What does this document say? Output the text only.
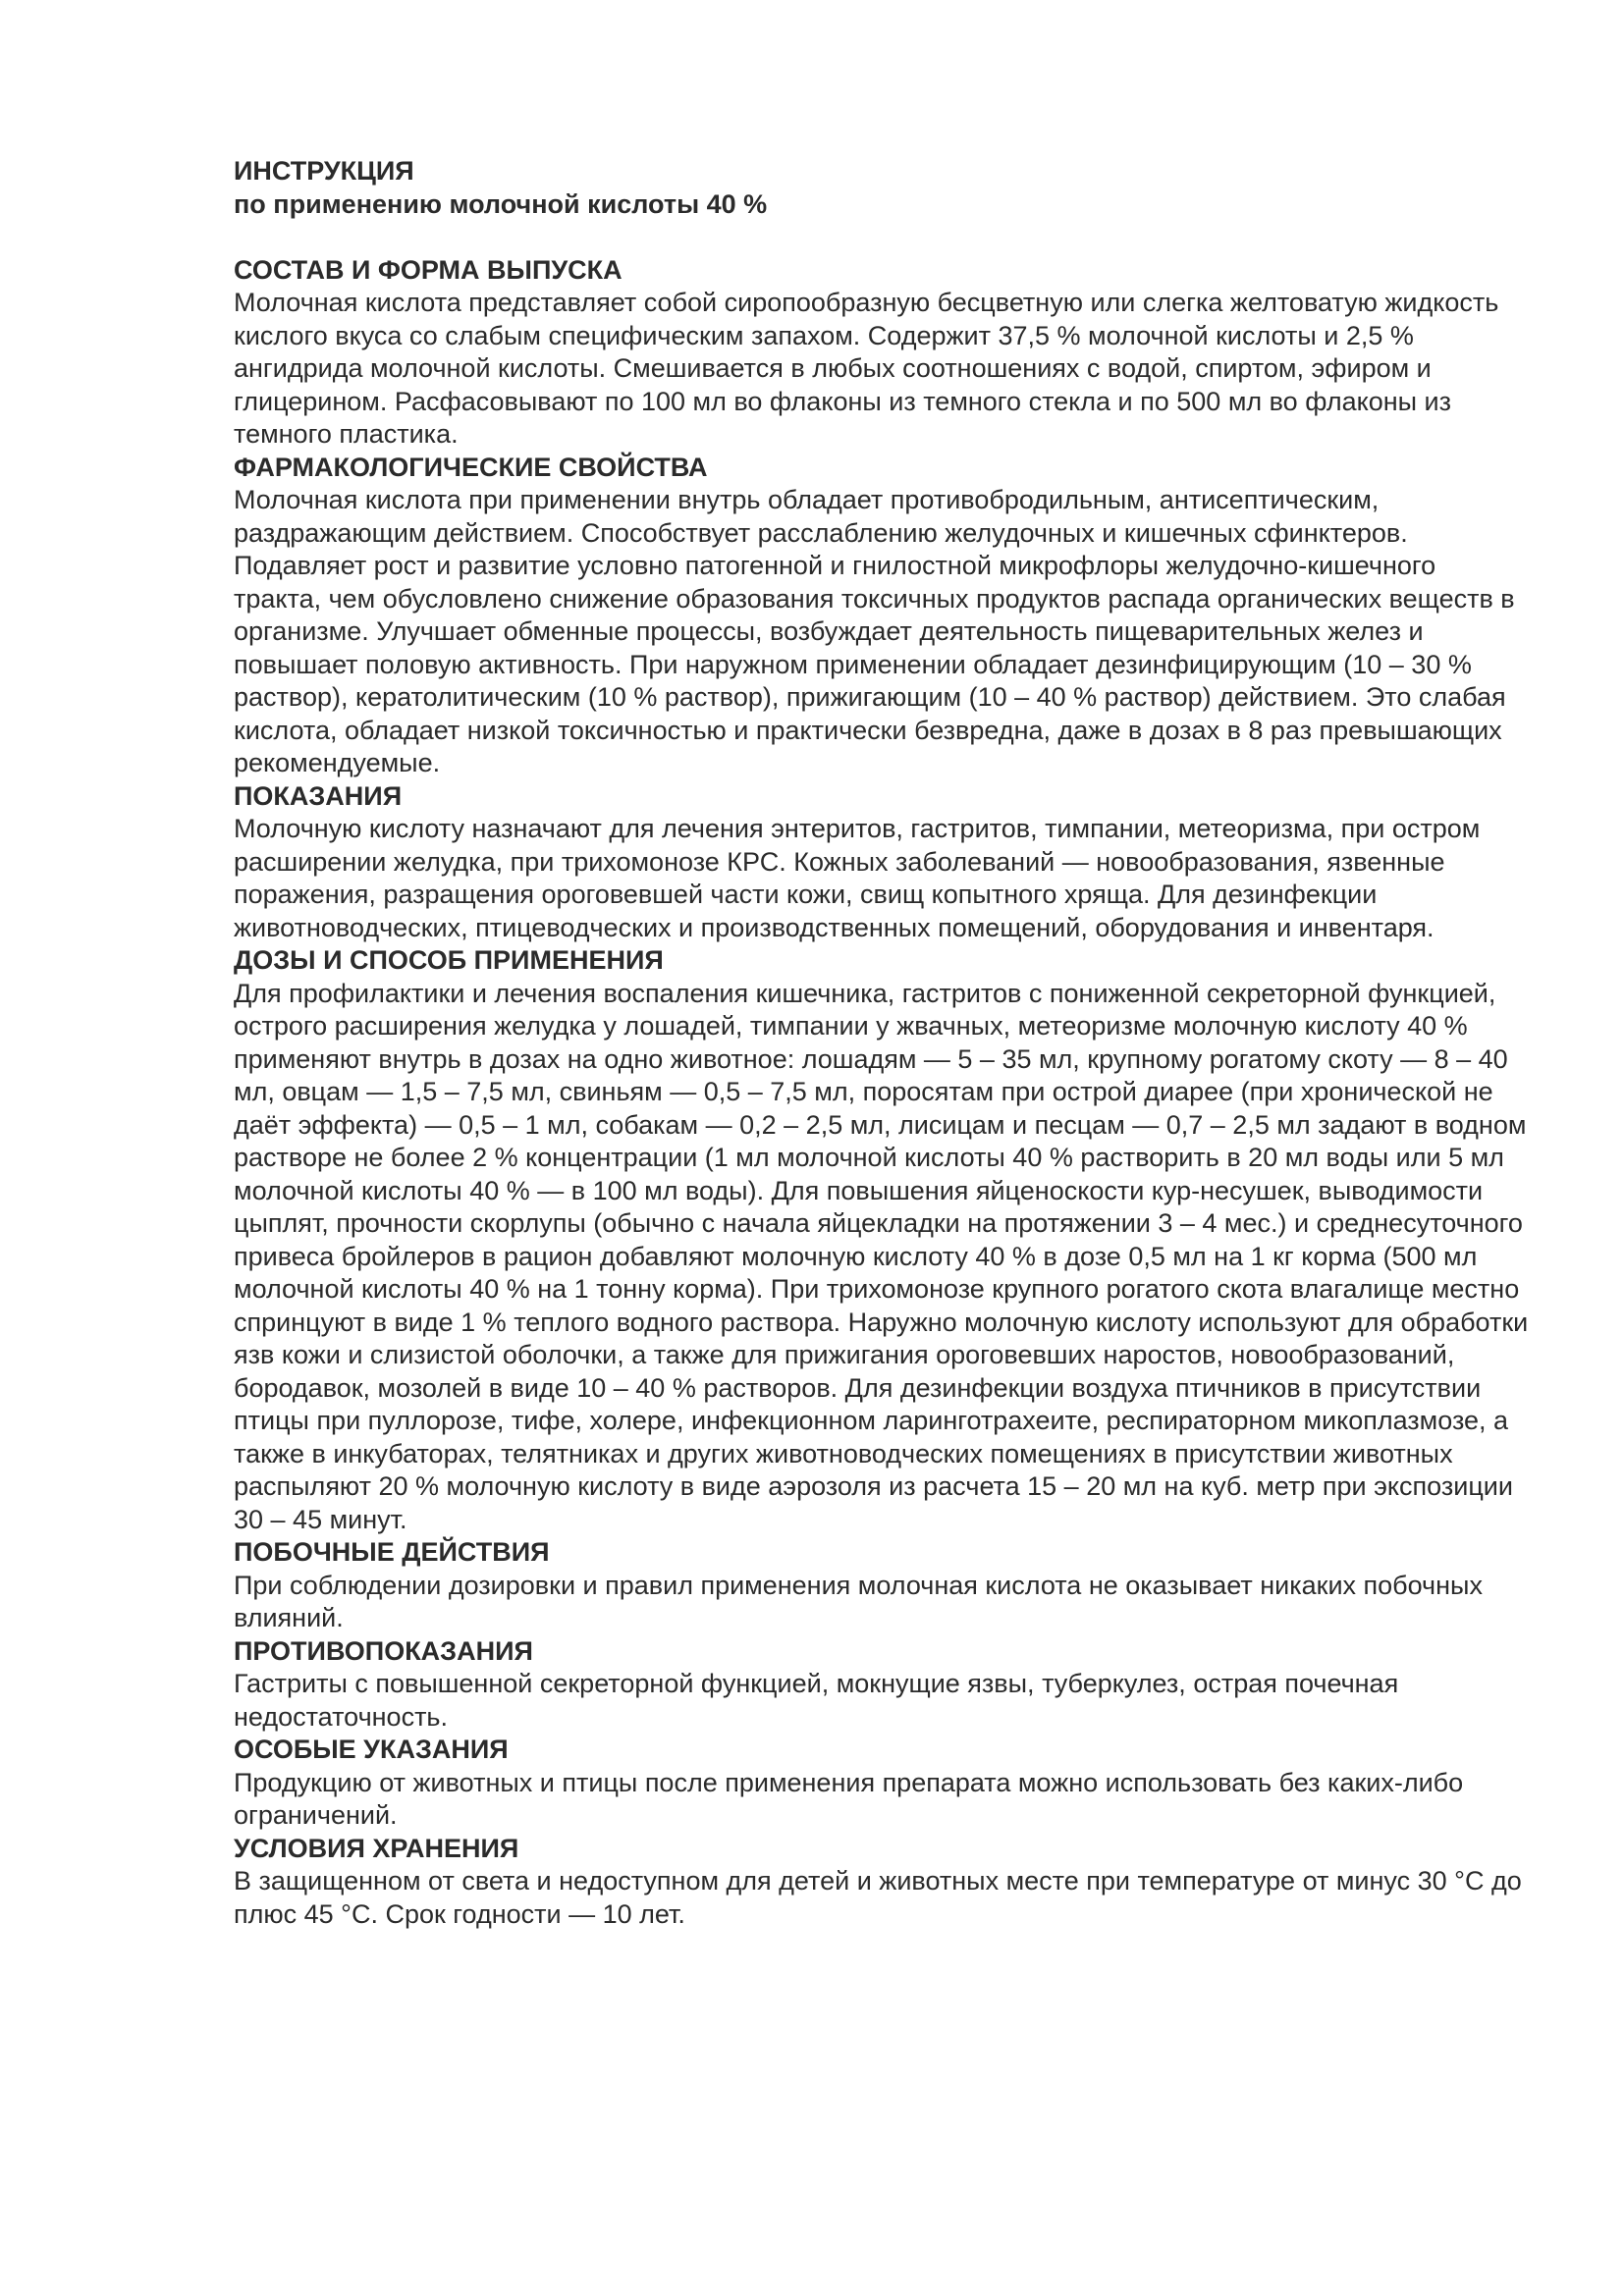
ИНСТРУКЦИЯ
по применению молочной кислоты 40 %
СОСТАВ И ФОРМА ВЫПУСКА

Молочная кислота представляет собой сиропообразную бесцветную или слегка желтоватую жидкость кислого вкуса со слабым специфическим запахом. Содержит 37,5 % молочной кислоты и 2,5 % ангидрида молочной кислоты. Смешивается в любых соотношениях с водой, спиртом, эфиром и глицерином. Расфасовывают по 100 мл во флаконы из темного стекла и по 500 мл во флаконы из темного пластика.

ФАРМАКОЛОГИЧЕСКИЕ СВОЙСТВА

Молочная кислота при применении внутрь обладает противобродильным, антисептическим, раздражающим действием. Способствует расслаблению желудочных и кишечных сфинктеров. Подавляет рост и развитие условно патогенной и гнилостной микрофлоры желудочно-кишечного тракта, чем обусловлено снижение образования токсичных продуктов распада органических веществ в организме. Улучшает обменные процессы, возбуждает деятельность пищеварительных желез и повышает половую активность. При наружном применении обладает дезинфицирующим (10 – 30 % раствор), кератолитическим (10 % раствор), прижигающим (10 – 40 % раствор) действием. Это слабая кислота, обладает низкой токсичностью и практически безвредна, даже в дозах в 8 раз превышающих рекомендуемые.

ПОКАЗАНИЯ

Молочную кислоту назначают для лечения энтеритов, гастритов, тимпании, метеоризма, при остром расширении желудка, при трихомонозе КРС. Кожных заболеваний — новообразования, язвенные поражения, разращения ороговевшей части кожи, свищ копытного хряща. Для дезинфекции животноводческих, птицеводческих и производственных помещений, оборудования и инвентаря.

ДОЗЫ И СПОСОБ ПРИМЕНЕНИЯ

Для профилактики и лечения воспаления кишечника, гастритов с пониженной секреторной функцией, острого расширения желудка у лошадей, тимпании у жвачных, метеоризме молочную кислоту 40 % применяют внутрь в дозах на одно животное: лошадям — 5 – 35 мл, крупному рогатому скоту — 8 – 40 мл, овцам — 1,5 – 7,5 мл, свиньям — 0,5 – 7,5 мл, поросятам при острой диарее (при хронической не даёт эффекта) — 0,5 – 1 мл, собакам — 0,2 – 2,5 мл, лисицам и песцам — 0,7 – 2,5 мл задают в водном растворе не более 2 % концентрации (1 мл молочной кислоты 40 % растворить в 20 мл воды или 5 мл молочной кислоты 40 % — в 100 мл воды). Для повышения яйценоскости кур-несушек, выводимости цыплят, прочности скорлупы (обычно с начала яйцекладки на протяжении 3 – 4 мес.) и среднесуточного привеса бройлеров в рацион добавляют молочную кислоту 40 % в дозе 0,5 мл на 1 кг корма (500 мл молочной кислоты 40 % на 1 тонну корма). При трихомонозе крупного рогатого скота влагалище местно спринцуют в виде 1 % теплого водного раствора. Наружно молочную кислоту используют для обработки язв кожи и слизистой оболочки, а также для прижигания ороговевших наростов, новообразований, бородавок, мозолей в виде 10 – 40 % растворов. Для дезинфекции воздуха птичников в присутствии птицы при пуллорозе, тифе, холере, инфекционном ларинготрахеите, респираторном микоплазмозе, а также в инкубаторах, телятниках и других животноводческих помещениях в присутствии животных распыляют 20 % молочную кислоту в виде аэрозоля из расчета 15 – 20 мл на куб. метр при экспозиции 30 – 45 минут.

ПОБОЧНЫЕ ДЕЙСТВИЯ

При соблюдении дозировки и правил применения молочная кислота не оказывает никаких побочных влияний.

ПРОТИВОПОКАЗАНИЯ

Гастриты с повышенной секреторной функцией, мокнущие язвы, туберкулез, острая почечная недостаточность.

ОСОБЫЕ УКАЗАНИЯ

Продукцию от животных и птицы после применения препарата можно использовать без каких-либо ограничений.

УСЛОВИЯ ХРАНЕНИЯ

В защищенном от света и недоступном для детей и животных месте при температуре от минус 30 °С до плюс 45 °С. Срок годности — 10 лет.
